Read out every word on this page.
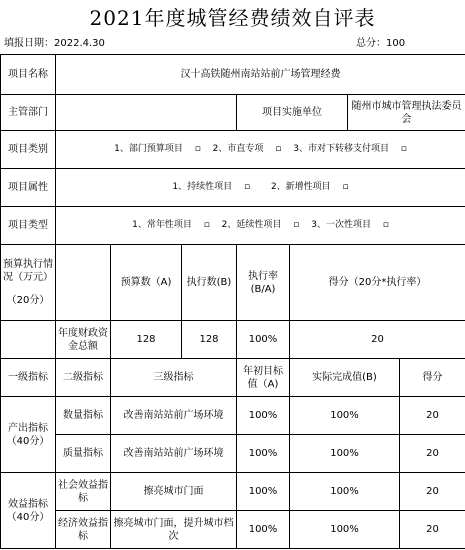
2021年度城管经费绩效自评表
填报日期：2022.4.30	总分：100
项目名称	汉十高铁随州南站站前广场管理经费						
主管部门				项目实施单位		随州市城市管理执法委员会	
项目类别	1、部门预算项目　 ▫　 2、市直专项　 ▫　 3、市对下转移支付项目　 ▫						
项目属性	1、持续性项目　 ▫　　 2、新增性项目　 ▫						
项目类型	1、常年性项目　 ▫　 2、延续性项目　 ▫　 3、一次性项目　 ▫						

预算执行情况（万元）
（20分）		预算数（A)	执行数(B)	执行率(B/A)	得分（20分*执行率）		
	年度财政资金总额	128	128	100%	20		
一级指标	二级指标	三级指标		年初目标值（A)	实际完成值(B)		得分
产出指标（40分）	数量指标	改善南站站前广场环境		100%	100%		20
	质量指标	改善南站站前广场环境		100%	100%		20
效益指标（40分）	社会效益指标	擦亮城市门面		100%	100%		20
	经济效益指标	擦亮城市门面，提升城市档次		100%	100%		20
